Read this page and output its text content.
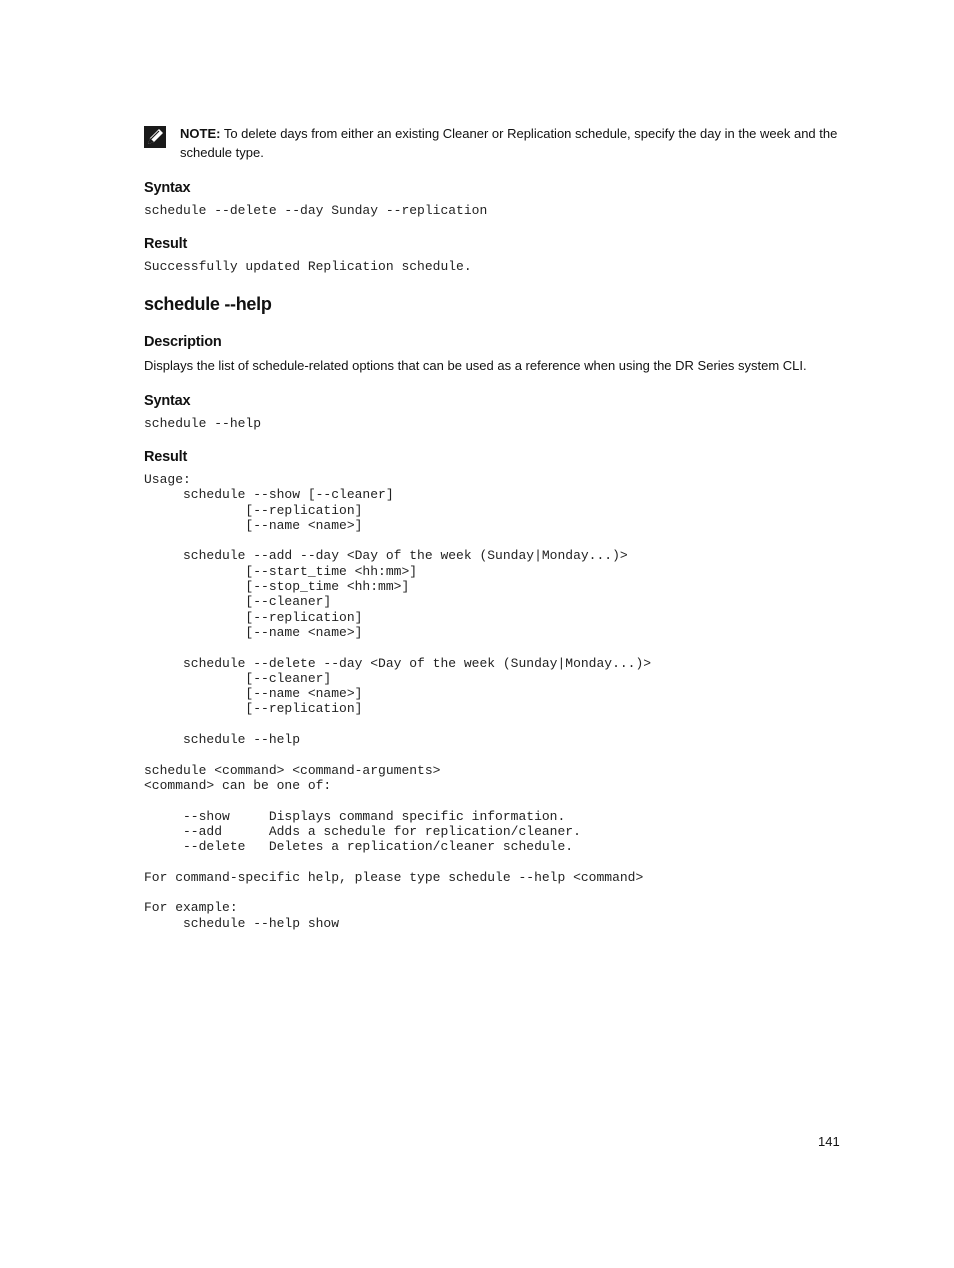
NOTE: To delete days from either an existing Cleaner or Replication schedule, specify the day in the week and the schedule type.
Syntax
schedule --delete --day Sunday --replication
Result
Successfully updated Replication schedule.
schedule --help
Description
Displays the list of schedule-related options that can be used as a reference when using the DR Series system CLI.
Syntax
schedule --help
Result
Usage:
schedule --show [--cleaner]
[--replication]
[--name <name>]

schedule --add --day <Day of the week (Sunday|Monday...)>
[--start_time <hh:mm>]
[--stop_time <hh:mm>]
[--cleaner]
[--replication]
[--name <name>]

schedule --delete --day <Day of the week (Sunday|Monday...)>
[--cleaner]
[--name <name>]
[--replication]

schedule --help

schedule <command> <command-arguments>
<command> can be one of:

--show     Displays command specific information.
--add      Adds a schedule for replication/cleaner.
--delete   Deletes a replication/cleaner schedule.

For command-specific help, please type schedule --help <command>

For example:
schedule --help show
141
